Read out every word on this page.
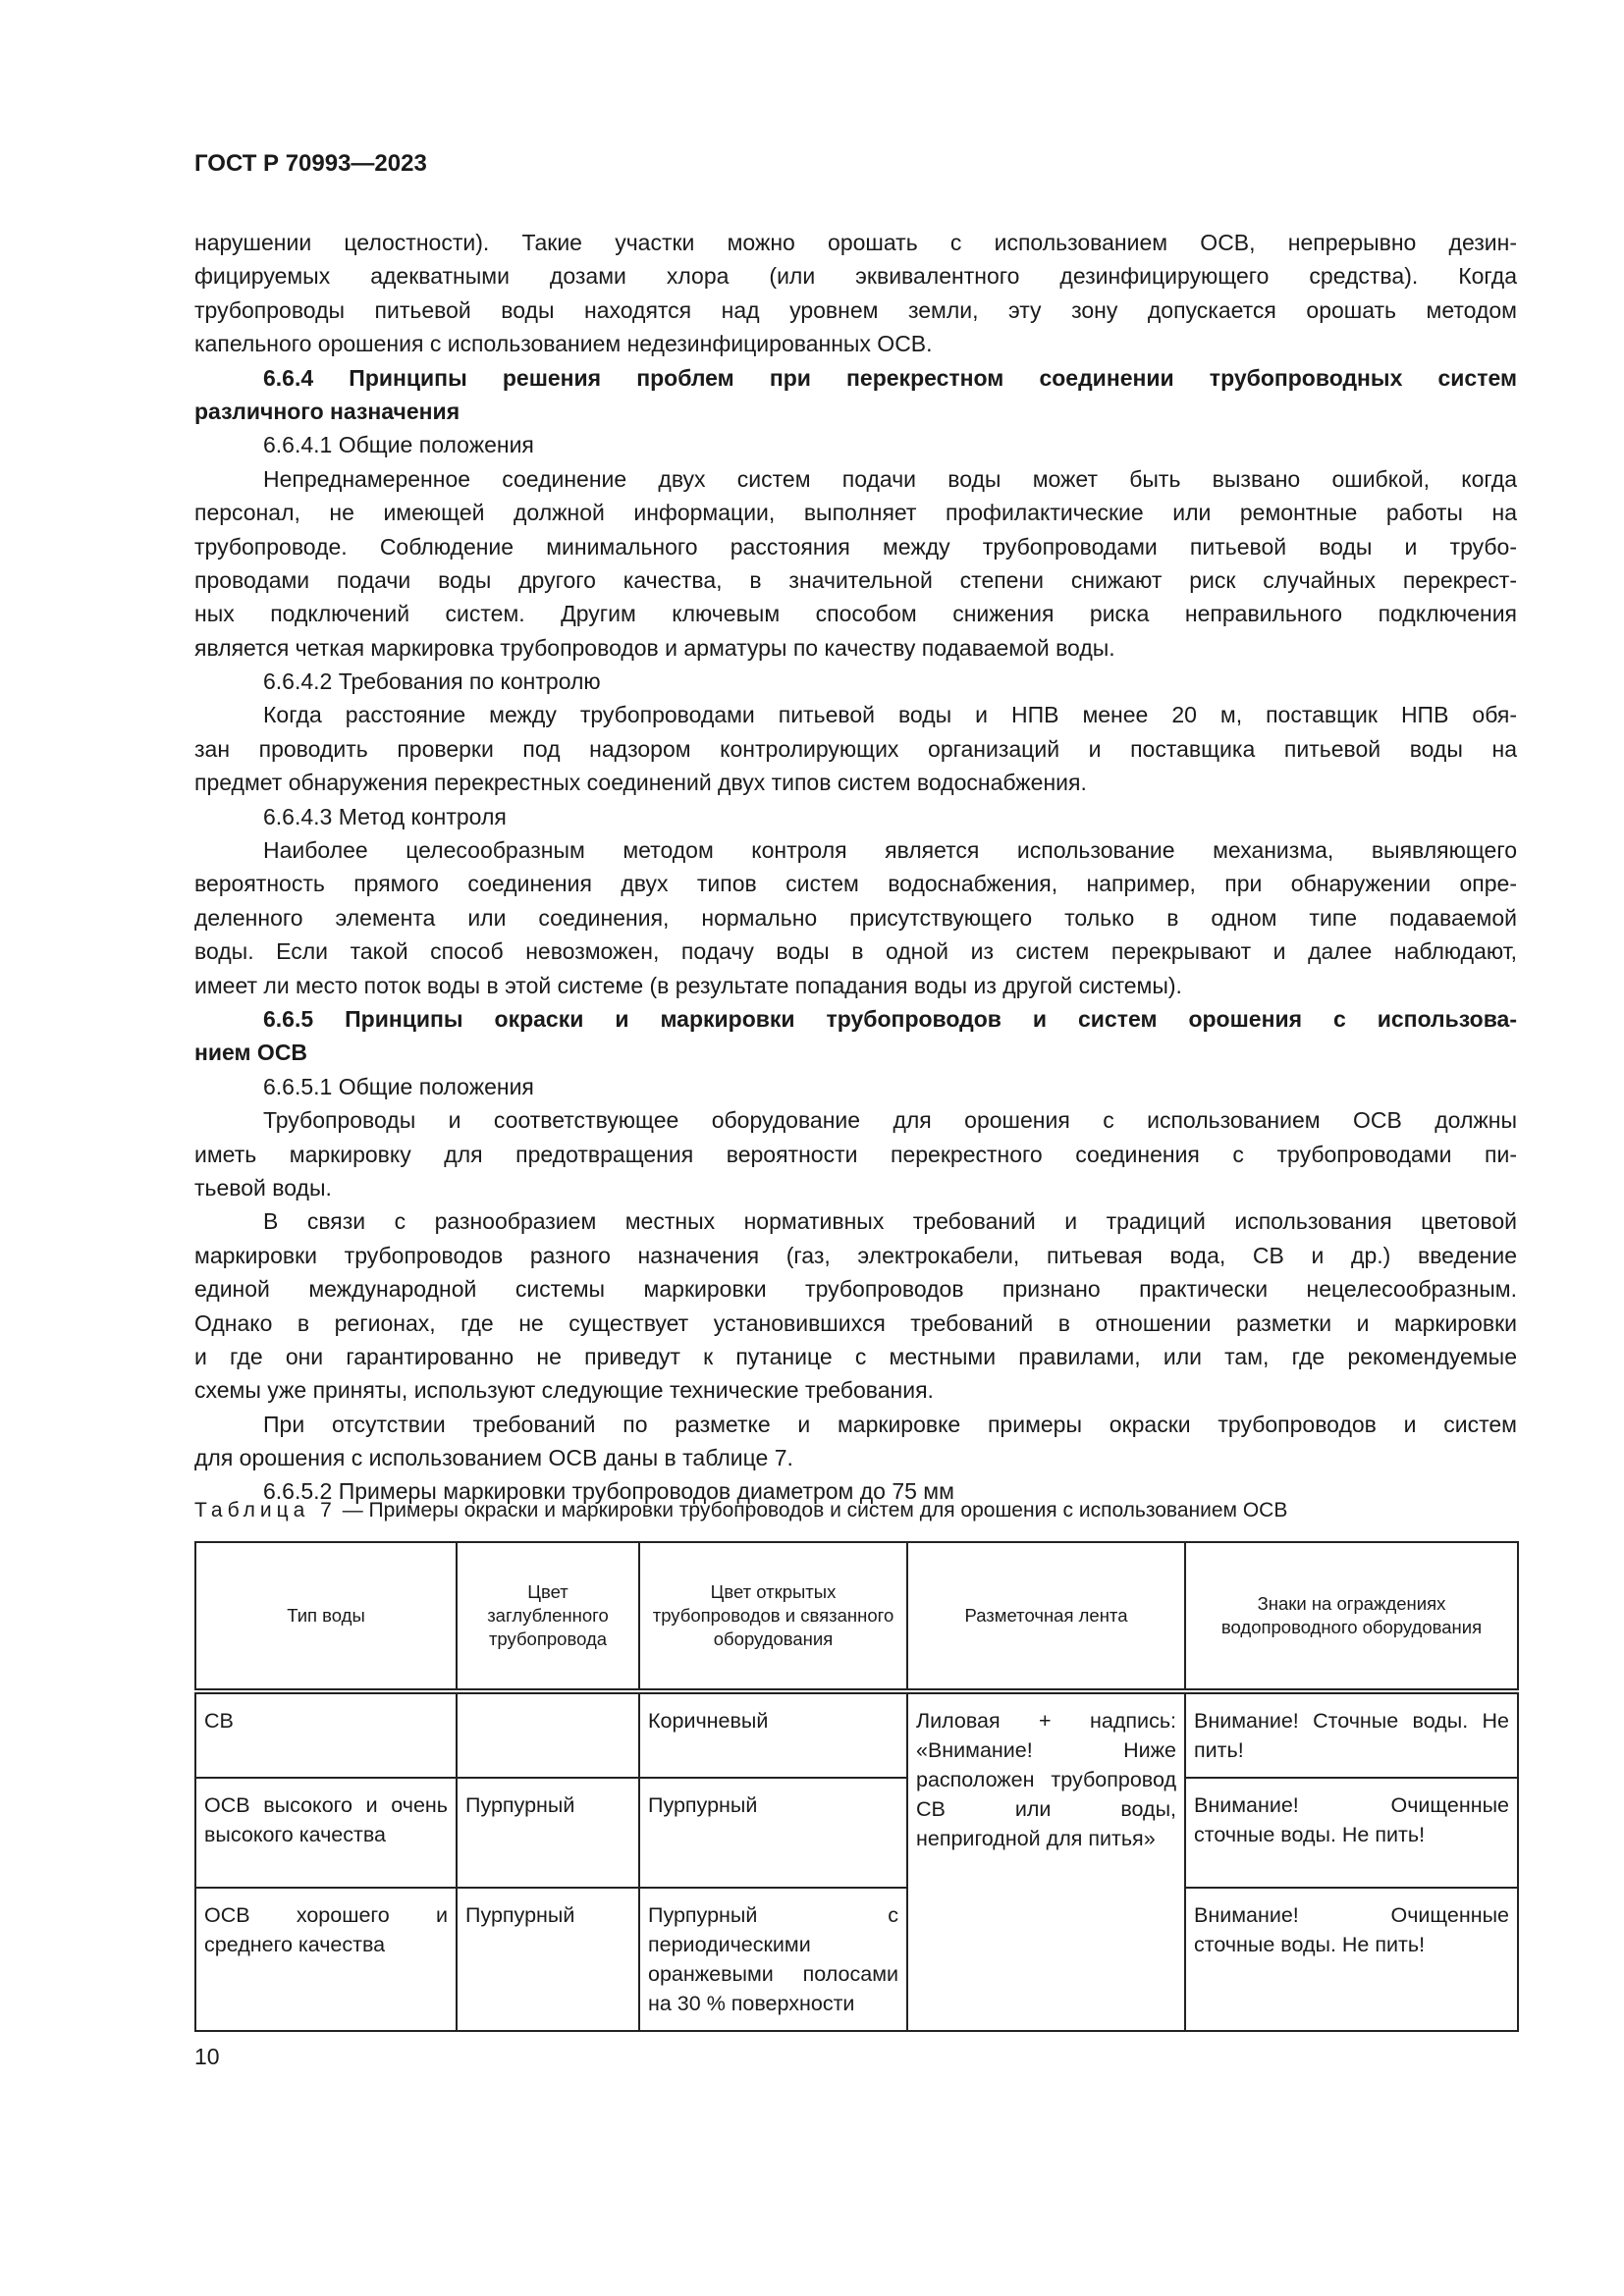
ГОСТ Р 70993—2023
нарушении целостности). Такие участки можно орошать с использованием ОСВ, непрерывно дезин-
фицируемых адекватными дозами хлора (или эквивалентного дезинфицирующего средства). Когда
трубопроводы питьевой воды находятся над уровнем земли, эту зону допускается орошать методом
капельного орошения с использованием недезинфицированных ОСВ.
6.6.4 Принципы решения проблем при перекрестном соединении трубопроводных систем
различного назначения
6.6.4.1 Общие положения
Непреднамеренное соединение двух систем подачи воды может быть вызвано ошибкой, когда
персонал, не имеющей должной информации, выполняет профилактические или ремонтные работы на
трубопроводе. Соблюдение минимального расстояния между трубопроводами питьевой воды и трубо-
проводами подачи воды другого качества, в значительной степени снижают риск случайных перекрест-
ных подключений систем. Другим ключевым способом снижения риска неправильного подключения
является четкая маркировка трубопроводов и арматуры по качеству подаваемой воды.
6.6.4.2 Требования по контролю
Когда расстояние между трубопроводами питьевой воды и НПВ менее 20 м, поставщик НПВ обя-
зан проводить проверки под надзором контролирующих организаций и поставщика питьевой воды на
предмет обнаружения перекрестных соединений двух типов систем водоснабжения.
6.6.4.3 Метод контроля
Наиболее целесообразным методом контроля является использование механизма, выявляющего
вероятность прямого соединения двух типов систем водоснабжения, например, при обнаружении опре-
деленного элемента или соединения, нормально присутствующего только в одном типе подаваемой
воды. Если такой способ невозможен, подачу воды в одной из систем перекрывают и далее наблюдают,
имеет ли место поток воды в этой системе (в результате попадания воды из другой системы).
6.6.5 Принципы окраски и маркировки трубопроводов и систем орошения с использова-
нием ОСВ
6.6.5.1 Общие положения
Трубопроводы и соответствующее оборудование для орошения с использованием ОСВ должны
иметь маркировку для предотвращения вероятности перекрестного соединения с трубопроводами пи-
тьевой воды.
В связи с разнообразием местных нормативных требований и традиций использования цветовой
маркировки трубопроводов разного назначения (газ, электрокабели, питьевая вода, СВ и др.) введение
единой международной системы маркировки трубопроводов признано практически нецелесообразным.
Однако в регионах, где не существует установившихся требований в отношении разметки и маркировки
и где они гарантированно не приведут к путанице с местными правилами, или там, где рекомендуемые
схемы уже приняты, используют следующие технические требования.
При отсутствии требований по разметке и маркировке примеры окраски трубопроводов и систем
для орошения с использованием ОСВ даны в таблице 7.
6.6.5.2 Примеры маркировки трубопроводов диаметром до 75 мм
Таблица 7 — Примеры окраски и маркировки трубопроводов и систем для орошения с использованием ОСВ
Тип воды	Цвет заглубленного трубопровода	Цвет открытых трубопроводов и связанного оборудования	Разметочная лента	Знаки на ограждениях водопроводного оборудования
СВ		Коричневый	Лиловая + надпись: «Внимание! Ниже расположен трубопровод СВ или воды, непригодной для питья»	Внимание! Сточные воды. Не пить!
ОСВ высокого и очень высокого качества	Пурпурный	Пурпурный		Внимание! Очищенные сточные воды. Не пить!
ОСВ хорошего и среднего качества	Пурпурный	Пурпурный с периодическими оранжевыми полосами на 30 % поверхности		Внимание! Очищенные сточные воды. Не пить!
10
